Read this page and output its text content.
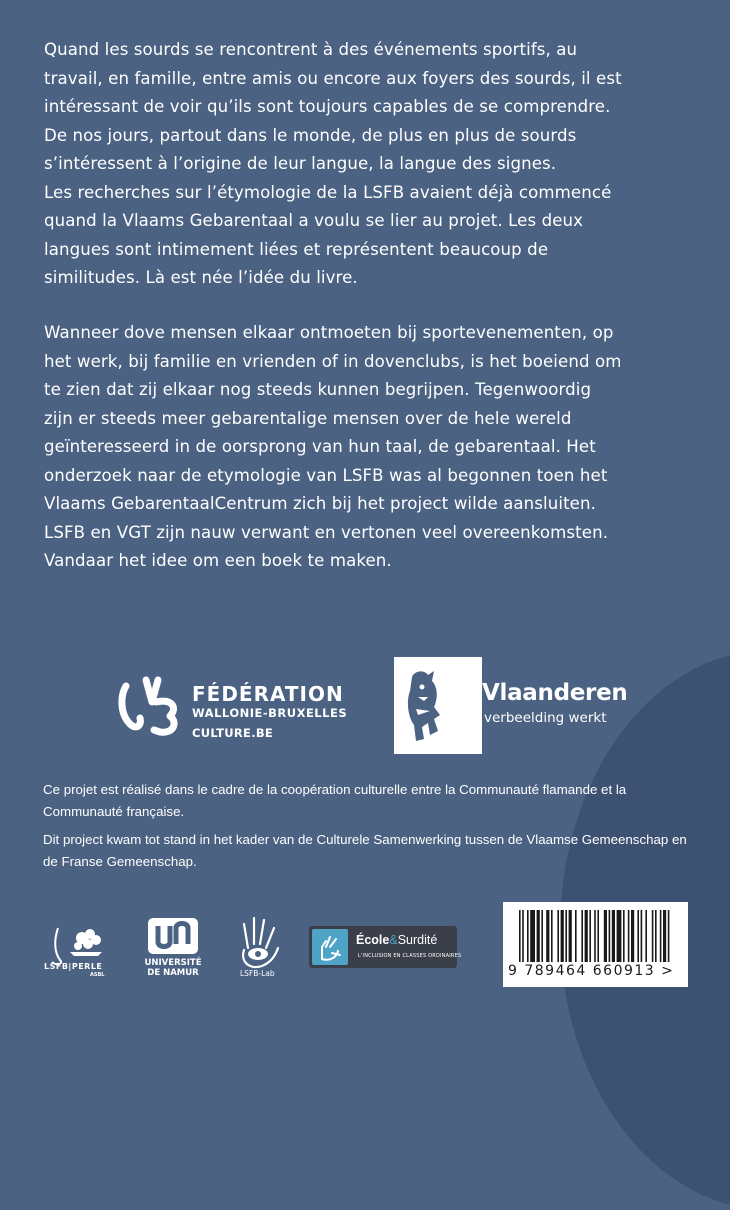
Quand les sourds se rencontrent à des événements sportifs, au
travail, en famille, entre amis ou encore aux foyers des sourds, il est
intéressant de voir qu’ils sont toujours capables de se comprendre.
De nos jours, partout dans le monde, de plus en plus de sourds
s’intéressent à l’origine de leur langue, la langue des signes.
Les recherches sur l’étymologie de la LSFB avaient déjà commencé
quand la Vlaams Gebarentaal a voulu se lier au projet. Les deux
langues sont intimement liées et représentent beaucoup de
similitudes. Là est née l’idée du livre.
Wanneer dove mensen elkaar ontmoeten bij sportevenementen, op
het werk, bij familie en vrienden of in dovenclubs, is het boeiend om
te zien dat zij elkaar nog steeds kunnen begrijpen. Tegenwoordig
zijn er steeds meer gebarentalige mensen over de hele wereld
geïnteresseerd in de oorsprong van hun taal, de gebarentaal. Het
onderzoek naar de etymologie van LSFB was al begonnen toen het
Vlaams GebarentaalCentrum zich bij het project wilde aansluiten.
LSFB en VGT zijn nauw verwant en vertonen veel overeenkomsten.
Vandaar het idee om een boek te maken.
FÉDÉRATION
WALLONIE-BRUXELLES
CULTURE.BE
Vlaanderen
verbeelding werkt

Ce projet est réalisé dans le cadre de la coopération culturelle entre la Communauté flamande et la Communauté française.

Dit project kwam tot stand in het kader van de Culturele Samenwerking tussen de Vlaamse Gemeenschap en de Franse Gemeenschap.

LSFB|PERLE
ASBL
UNIVERSITÉ
DE NAMUR	LSFB-Lab
École&Surdité
L'INCLUSION EN CLASSES ORDINAIRES
9 789464 660913 >
